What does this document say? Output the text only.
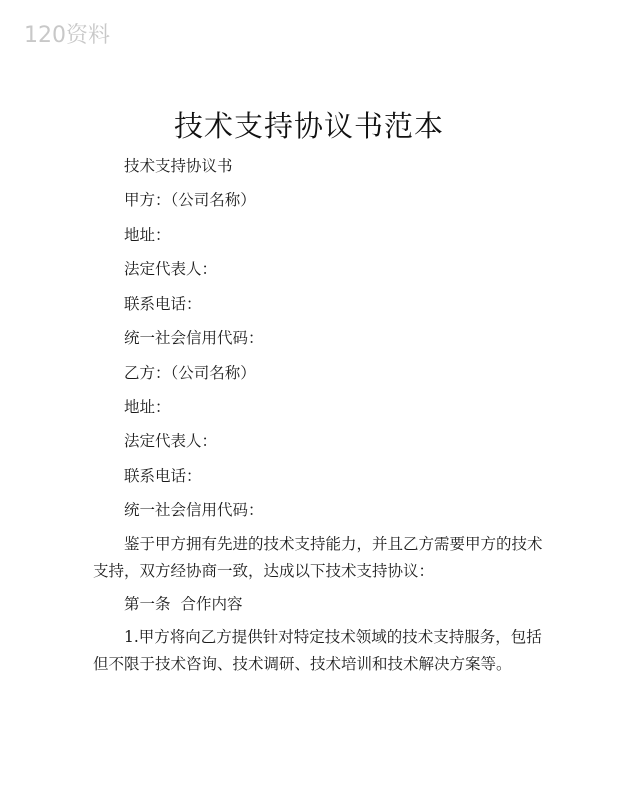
120资料
技术支持协议书范本
技术支持协议书
甲方：（公司名称）
地址：
法定代表人：
联系电话：
统一社会信用代码：
乙方：（公司名称）
地址：
法定代表人：
联系电话：
统一社会信用代码：
鉴于甲方拥有先进的技术支持能力，并且乙方需要甲方的技术支持，双方经协商一致，达成以下技术支持协议：
第一条 合作内容
1.甲方将向乙方提供针对特定技术领域的技术支持服务，包括但不限于技术咨询、技术调研、技术培训和技术解决方案等。
